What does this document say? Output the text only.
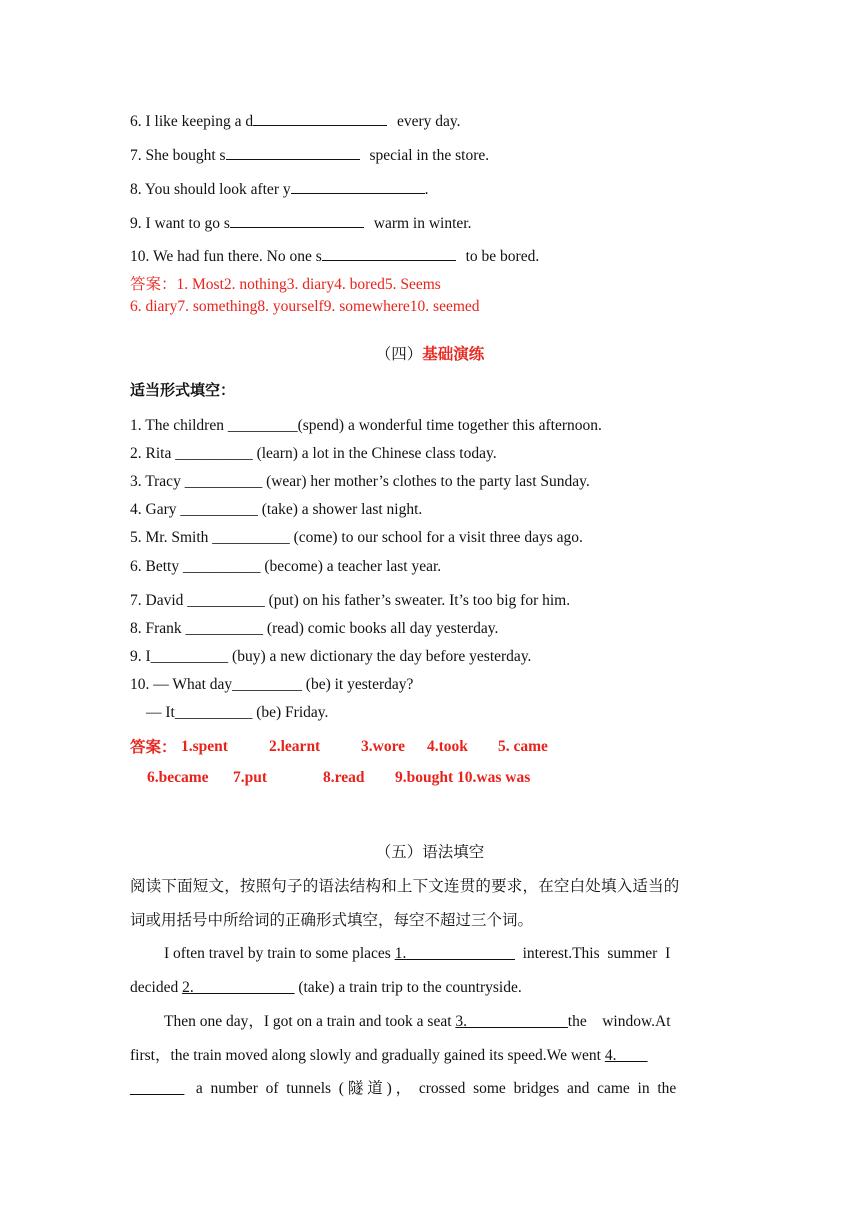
6. I like keeping a d	every day.
7. She bought s	special in the store.
8. You should look after y	.
9. I want to go s	warm in winter.
10. We had fun there. No one s	to be bored.
答案：1. Most2. nothing3. diary4. bored5. Seems
6. diary7. something8. yourself9. somewhere10. seemed
（四）基础演练
适当形式填空：
1. The children _________(spend) a wonderful time together this afternoon.
2. Rita __________ (learn) a lot in the Chinese class today.
3. Tracy __________ (wear) her mother’s clothes to the party last Sunday.
4. Gary __________ (take) a shower last night.
5. Mr. Smith __________ (come) to our school for a visit three days ago.
6. Betty __________ (become) a teacher last year.
7. David __________ (put) on his father’s sweater. It’s too big for him.
8. Frank __________ (read) comic books all day yesterday.
9. I__________ (buy) a new dictionary the day before yesterday.
10. — What day_________ (be) it yesterday?
— It__________ (be) Friday.
答案： 1.spent	2.learnt	3.wore 4.took 5. came
6.became 7.put	8.read 9.bought 10.was was
（五）语法填空
阅读下面短文，按照句子的语法结构和上下文连贯的要求，在空白处填入适当的
词或用括号中所给词的正确形式填空，每空不超过三个词。
I often travel by train to some places 1.______________  interest.This  summer  I
decided 2._____________ (take) a train trip to the countryside.
Then one day，I got on a train and took a seat 3._____________the    window.At
first，the train moved along slowly and gradually gained its speed.We went 4.____
_______   a  number  of  tunnels  ( 隧 道 ) ，  crossed  some  bridges  and  came  in  the
